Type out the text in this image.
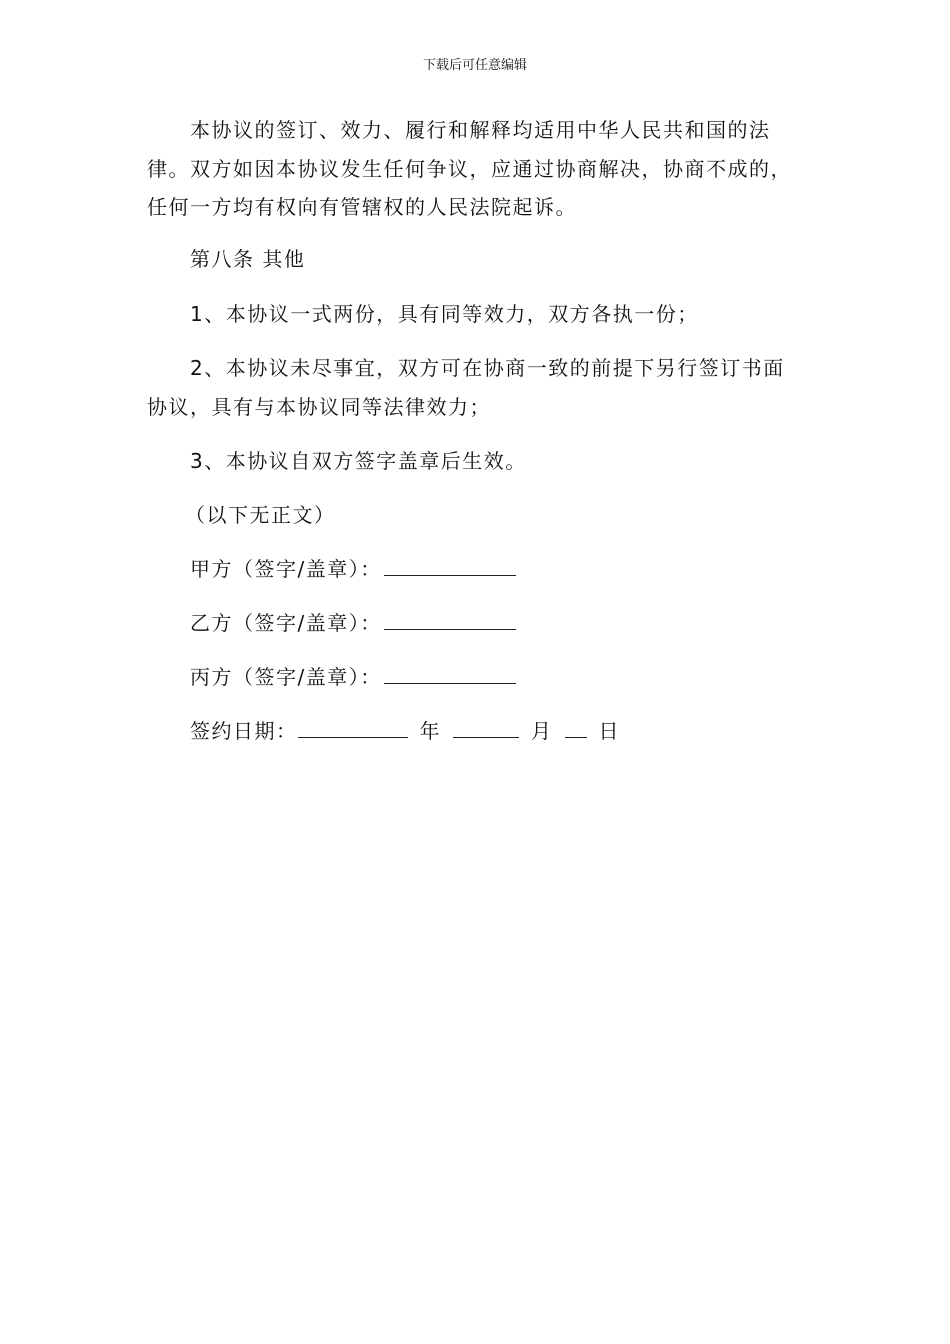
下载后可任意编辑

本协议的签订、效力、履行和解释均适用中华人民共和国的法

律。双方如因本协议发生任何争议，应通过协商解决，协商不成的，

任何一方均有权向有管辖权的人民法院起诉。

第八条 其他

1、本协议一式两份，具有同等效力，双方各执一份；

2、本协议未尽事宜，双方可在协商一致的前提下另行签订书面

协议，具有与本协议同等法律效力；

3、本协议自双方签字盖章后生效。

（以下无正文）

甲方（签字/盖章）：
乙方（签字/盖章）：
丙方（签字/盖章）：
签约日期：	年	月 日
